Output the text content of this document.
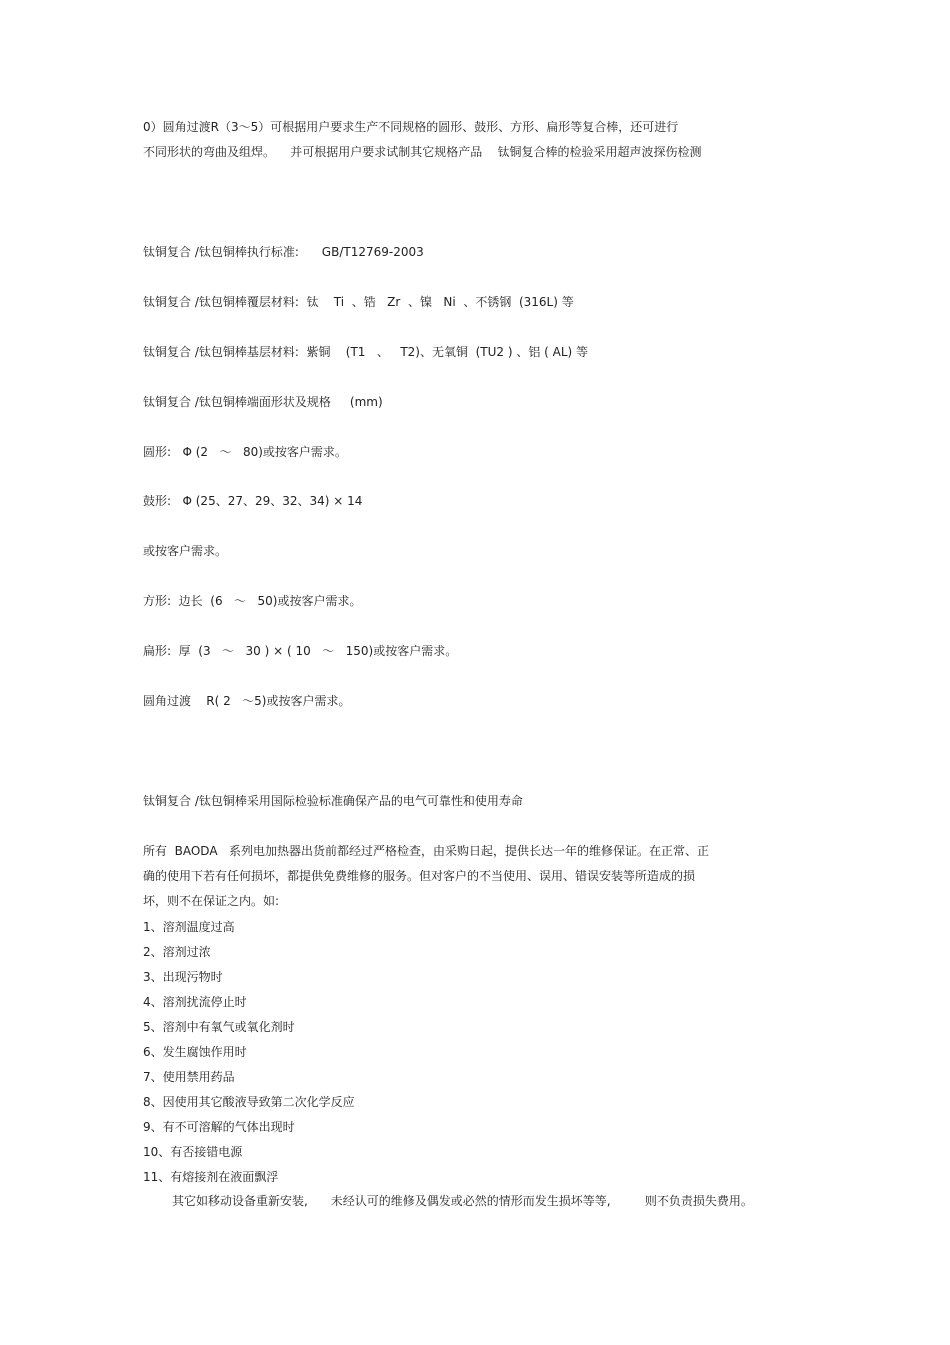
0）圆角过渡R（3～5）可根据用户要求生产不同规格的圆形、鼓形、方形、扁形等复合棒，还可进行
不同形状的弯曲及组焊。    并可根据用户要求试制其它规格产品    钛铜复合棒的检验采用超声波探伤检测
钛铜复合 /钛包铜棒执行标准:      GB/T12769-2003
钛铜复合 /钛包铜棒覆层材料:  钛    Ti  、锆   Zr  、镍   Ni  、不锈钢  (316L) 等
钛铜复合 /钛包铜棒基层材料:  紫铜    (T1   、   T2)、无氧铜  (TU2 ) 、铝 ( AL) 等
钛铜复合 /钛包铜棒端面形状及规格     (mm)
圆形:   Φ (2   ～   80)或按客户需求。
鼓形:   Φ (25、27、29、32、34) × 14
或按客户需求。
方形:  边长  (6   ～   50)或按客户需求。
扁形:  厚  (3   ～   30 ) × ( 10   ～   150)或按客户需求。
圆角过渡    R( 2   ～5)或按客户需求。
钛铜复合 /钛包铜棒采用国际检验标准确保产品的电气可靠性和使用寿命
所有  BAODA   系列电加热器出货前都经过严格检查，由采购日起，提供长达一年的维修保证。在正常、正
确的使用下若有任何损坏，都提供免费维修的服务。但对客户的不当使用、误用、错误安装等所造成的损
坏，则不在保证之内。如:
1、溶剂温度过高
2、溶剂过浓
3、出现污物时
4、溶剂扰流停止时
5、溶剂中有氧气或氧化剂时
6、发生腐蚀作用时
7、使用禁用药品
8、因使用其它酸液导致第二次化学反应
9、有不可溶解的气体出现时
10、有否接错电源
11、有熔接剂在液面飘浮
其它如移动设备重新安装,      未经认可的维修及偶发或必然的情形而发生损坏等等,         则不负责损失费用。
